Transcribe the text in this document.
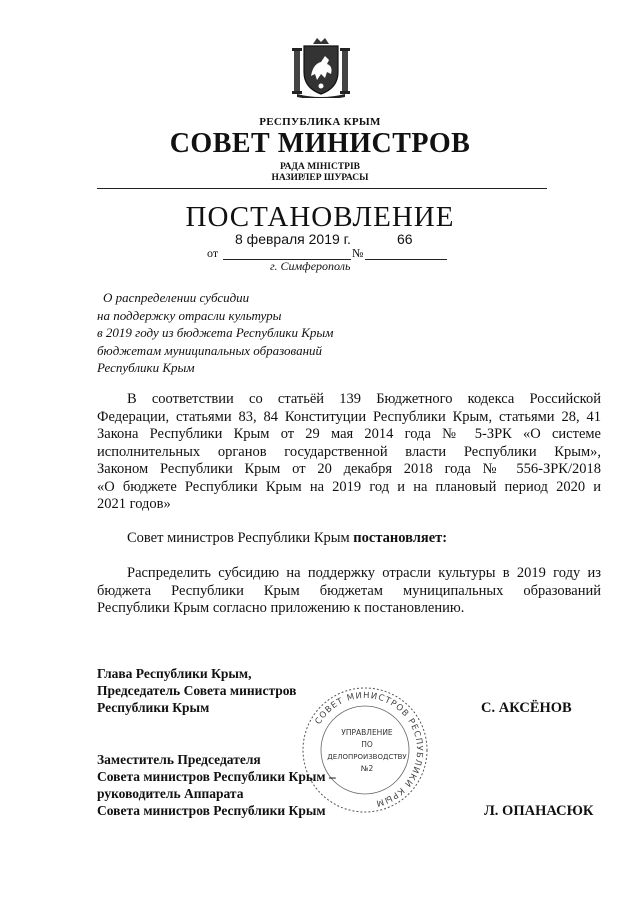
РЕСПУБЛИКА КРЫМ
СОВЕТ МИНИСТРОВ
РАДА МІНІСТРІВ
НАЗИРЛЕР ШУРАСЫ
ПОСТАНОВЛЕНИЕ
8 февраля 2019 г.	66
от	№
г. Симферополь
О распределении субсидии
на поддержку отрасли культуры
в 2019 году из бюджета Республики Крым
бюджетам муниципальных образований
Республики Крым
В соответствии со статьёй 139 Бюджетного кодекса Российской
Федерации, статьями 83, 84 Конституции Республики Крым, статьями 28, 41
Закона Республики Крым от 29 мая 2014 года № 5-ЗРК «О системе
исполнительных органов государственной власти Республики Крым»,
Законом Республики Крым от 20 декабря 2018 года № 556-ЗРК/2018
«О бюджете Республики Крым на 2019 год и на плановый период 2020 и
2021 годов»
Совет министров Республики Крым постановляет:
Распределить субсидию на поддержку отрасли культуры в 2019 году из
бюджета Республики Крым бюджетам муниципальных образований
Республики Крым согласно приложению к постановлению.
СОВЕТ МИНИСТРОВ РЕСПУБЛИКИ КРЫМ
УПРАВЛЕНИЕ
ПО
ДЕЛОПРОИЗВОДСТВУ
№2
Глава Республики Крым,
Председатель Совета министров
Республики Крым	С. АКСЁНОВ
Заместитель Председателя
Совета министров Республики Крым –
руководитель Аппарата
Совета министров Республики Крым	Л. ОПАНАСЮК
